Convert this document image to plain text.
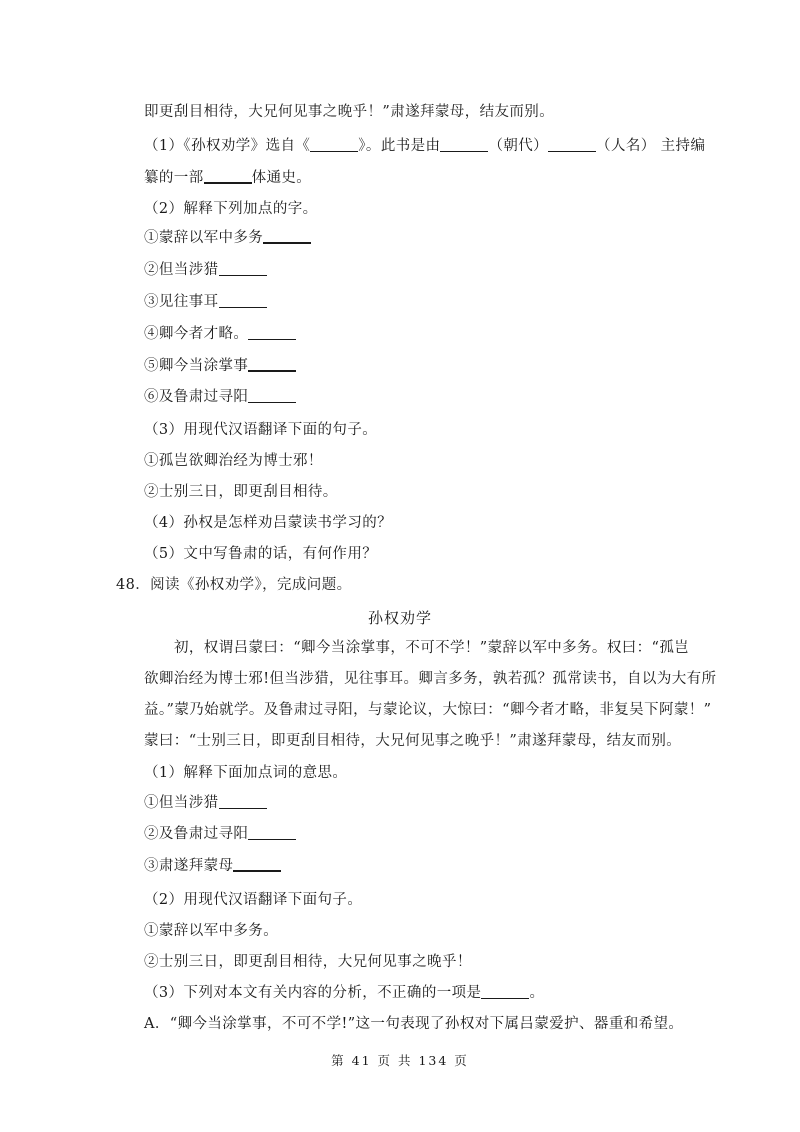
即更刮目相待，大兄何见事之晚乎！”肃遂拜蒙母，结友而别。
（1）《孙权劝学》选自《	》。此书是由	（朝代）	（人名） 主持编
纂的一部	体通史。
（2）解释下列加点的字。
①蒙辞以军中多务
②但当涉猎
③见往事耳
④卿今者才略。
⑤卿今当涂掌事
⑥及鲁肃过寻阳
（3）用现代汉语翻译下面的句子。
①孤岂欲卿治经为博士邪！
②士别三日，即更刮目相待。
（4）孙权是怎样劝吕蒙读书学习的？
（5）文中写鲁肃的话，有何作用？
48．阅读《孙权劝学》，完成问题。
孙权劝学
初，权谓吕蒙曰：“卿今当涂掌事，不可不学！”蒙辞以军中多务。权曰：“孤岂
欲卿治经为博士邪!但当涉猎，见往事耳。卿言多务，孰若孤？孤常读书，自以为大有所
益。”蒙乃始就学。及鲁肃过寻阳，与蒙论议，大惊曰：“卿今者才略，非复吴下阿蒙！”
蒙曰：“士别三日，即更刮目相待，大兄何见事之晚乎！”肃遂拜蒙母，结友而别。
（1）解释下面加点词的意思。
①但当涉猎
②及鲁肃过寻阳
③肃遂拜蒙母
（2）用现代汉语翻译下面句子。
①蒙辞以军中多务。
②士别三日，即更刮目相待，大兄何见事之晚乎！
（3）下列对本文有关内容的分析，不正确的一项是	。
A．“卿今当涂掌事，不可不学!”这一句表现了孙权对下属吕蒙爱护、器重和希望。
第 41 页 共 134 页
